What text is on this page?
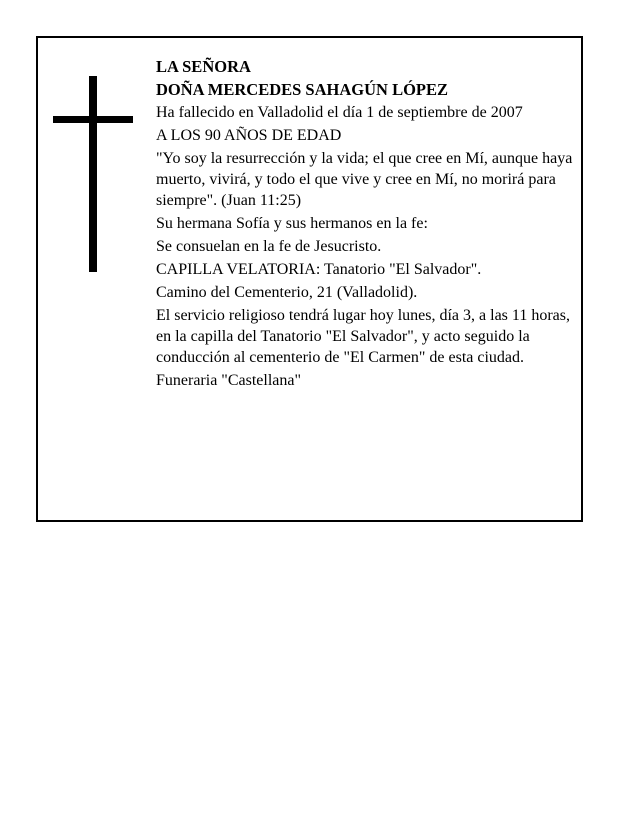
LA SEÑORA

DOÑA MERCEDES SAHAGÚN LÓPEZ

Ha fallecido en Valladolid el día 1 de septiembre de 2007

A LOS 90 AÑOS DE EDAD

"Yo soy la resurrección y la vida; el que cree en Mí, aunque haya muerto, vivirá, y todo el que vive y cree en Mí, no morirá para siempre". (Juan 11:25)

Su hermana Sofía y sus hermanos en la fe:

Se consuelan en la fe de Jesucristo.

CAPILLA VELATORIA: Tanatorio "El Salvador".

Camino del Cementerio, 21 (Valladolid).

El servicio religioso tendrá lugar hoy lunes, día 3, a las 11 horas, en la capilla del Tanatorio "El Salvador", y acto seguido la conducción al cementerio de "El Carmen" de esta ciudad.

Funeraria "Castellana"
